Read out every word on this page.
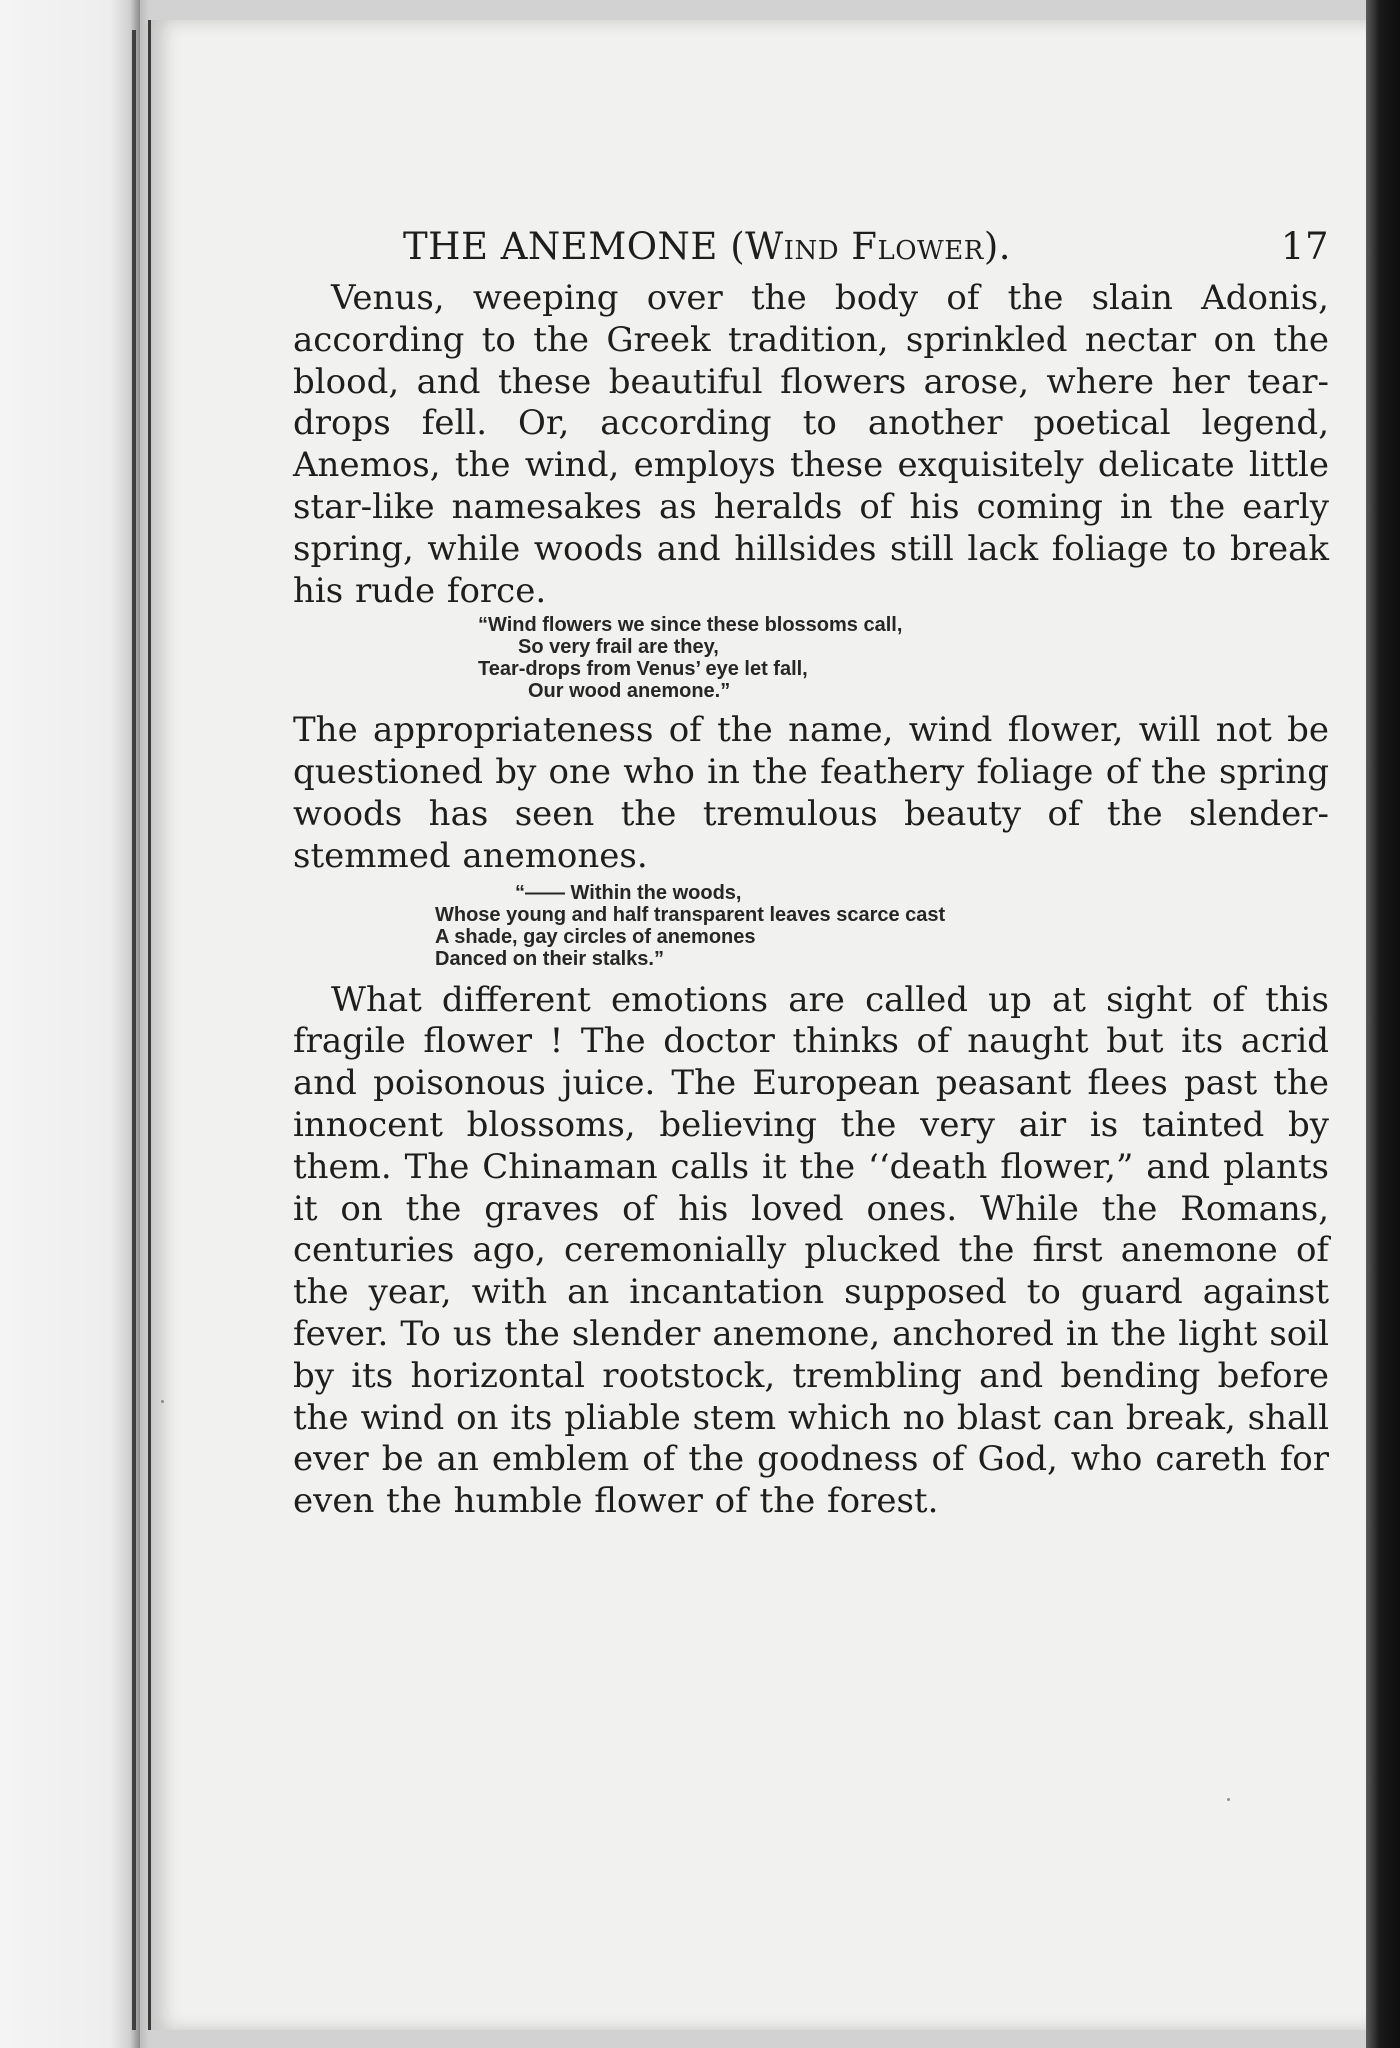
THE ANEMONE (Wind Flower).	17

Venus, weeping over the body of the slain Adonis, according to the Greek tradition, sprinkled nectar on the blood, and these beautiful flowers arose, where her tear-drops fell. Or, according to another poetical legend, Anemos, the wind, employs these exquisitely delicate little star-like namesakes as heralds of his coming in the early spring, while woods and hillsides still lack foliage to break his rude force.

“Wind flowers we since these blossoms call,
So very frail are they,
Tear-drops from Venus’ eye let fall,
Our wood anemone.”

The appropriateness of the name, wind flower, will not be questioned by one who in the feathery foliage of the spring woods has seen the tremulous beauty of the slender-stemmed anemones.

“—— Within the woods,
Whose young and half transparent leaves scarce cast
A shade, gay circles of anemones
Danced on their stalks.”

What different emotions are called up at sight of this fragile flower ! The doctor thinks of naught but its acrid and poisonous juice. The European peasant flees past the innocent blossoms, believing the very air is tainted by them. The Chinaman calls it the ‘‘death flower,” and plants it on the graves of his loved ones. While the Romans, centuries ago, ceremonially plucked the first anemone of the year, with an incantation supposed to guard against fever. To us the slender anemone, anchored in the light soil by its horizontal rootstock, trembling and bending before the wind on its pliable stem which no blast can break, shall ever be an emblem of the goodness of God, who careth for even the humble flower of the forest.
